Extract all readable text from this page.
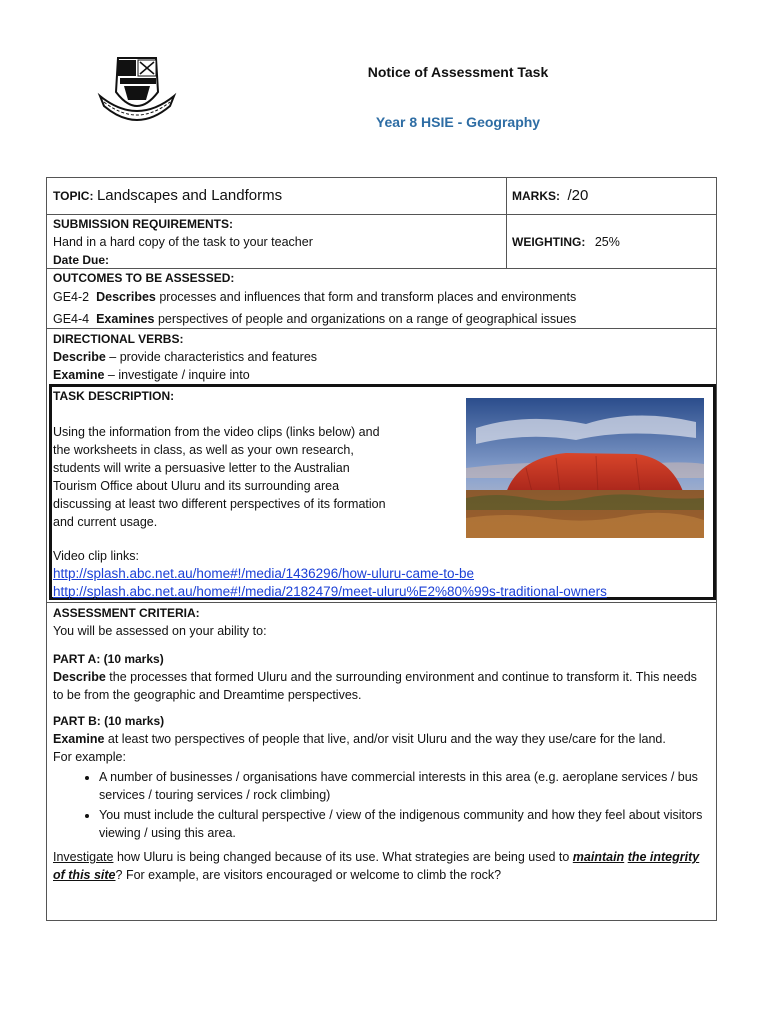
Notice of Assessment Task
Year 8 HSIE - Geography
TOPIC: Landscapes and Landforms	MARKS: /20
SUBMISSION REQUIREMENTS:
Hand in a hard copy of the task to your teacher
Date Due:
WEIGHTING: 25%
OUTCOMES TO BE ASSESSED:
GE4-2 Describes processes and influences that form and transform places and environments
GE4-4 Examines perspectives of people and organizations on a range of geographical issues
DIRECTIONAL VERBS:
Describe – provide characteristics and features
Examine – investigate / inquire into
TASK DESCRIPTION:
Using the information from the video clips (links below) and
the worksheets in class, as well as your own research,
students will write a persuasive letter to the Australian
Tourism Office about Uluru and its surrounding area
discussing at least two different perspectives of its formation
and current usage.
Video clip links:
http://splash.abc.net.au/home#!/media/1436296/how-uluru-came-to-be
http://splash.abc.net.au/home#!/media/2182479/meet-uluru%E2%80%99s-traditional-owners
ASSESSMENT CRITERIA:
You will be assessed on your ability to:
PART A: (10 marks)
Describe the processes that formed Uluru and the surrounding environment and continue to transform it. This needs to be from the geographic and Dreamtime perspectives.
PART B: (10 marks)
Examine at least two perspectives of people that live, and/or visit Uluru and the way they use/care for the land.
For example:
• A number of businesses / organisations have commercial interests in this area (e.g. aeroplane services / bus services / touring services / rock climbing)
• You must include the cultural perspective / view of the indigenous community and how they feel about visitors viewing / using this area.
Investigate how Uluru is being changed because of its use. What strategies are being used to maintain the integrity of this site? For example, are visitors encouraged or welcome to climb the rock?
